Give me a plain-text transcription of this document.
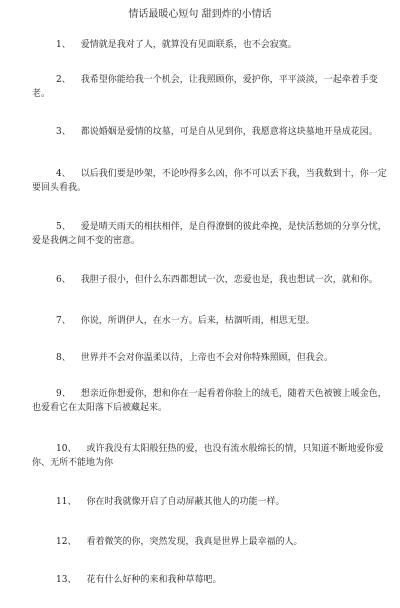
情话最暖心短句 甜到炸的小情话
1、 爱情就是我对了人，就算没有见面联系，也不会寂寞。
2、 我希望你能给我一个机会，让我照顾你，爱护你，平平淡淡，一起牵着手变老。
3、 都说婚姻是爱情的坟墓，可是自从见到你，我愿意将这块墓地开垦成花园。
4、 以后我们要是吵架，不论吵得多么凶，你不可以丢下我，当我数到十，你一定要回头看我。
5、 爱是晴天雨天的相扶相伴，是自得潦倒的彼此牵挽，是快活愁烦的分享分忧，爱是我俩之间不变的密意。
6、 我胆子很小，但什么东西都想试一次，恋爱也是，我也想试一次，就和你。
7、 你说，所谓伊人，在水一方。后来，枯涸听雨，相思无望。
8、 世界并不会对你温柔以待，上帝也不会对你特殊照顾，但我会。
9、 想亲近你想爱你，想和你在一起看着你脸上的绒毛，随着天色被镀上暖金色，也爱看它在太阳落下后被藏起来。
10、 或许我没有太阳般狂热的爱，也没有流水般绵长的情，只知道不断地爱你爱你、无所不能地为你
11、 你在时我就像开启了自动屏蔽其他人的功能一样。
12、 看着微笑的你，突然发现，我真是世界上最幸福的人。
13、 花有什么好种的来和我种草莓吧。
